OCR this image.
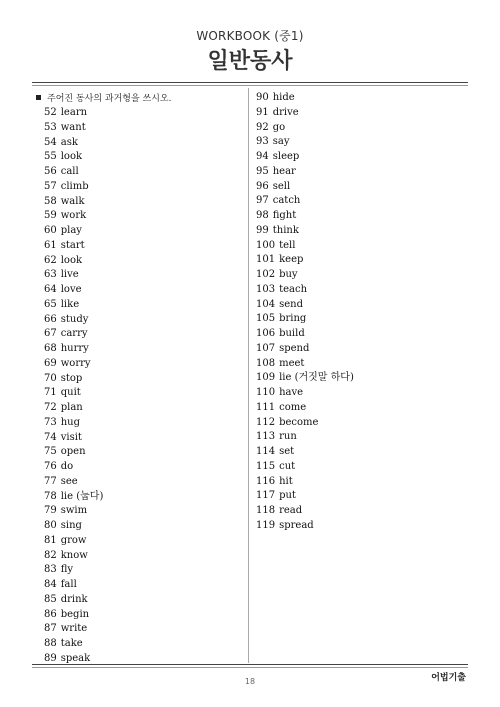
WORKBOOK (중1)
일반동사
주어진 동사의 과거형을 쓰시오.
52 learn
53 want
54 ask
55 look
56 call
57 climb
58 walk
59 work
60 play
61 start
62 look
63 live
64 love
65 like
66 study
67 carry
68 hurry
69 worry
70 stop
71 quit
72 plan
73 hug
74 visit
75 open
76 do
77 see
78 lie (눕다)
79 swim
80 sing
81 grow
82 know
83 fly
84 fall
85 drink
86 begin
87 write
88 take
89 speak
90 hide
91 drive
92 go
93 say
94 sleep
95 hear
96 sell
97 catch
98 fight
99 think
100 tell
101 keep
102 buy
103 teach
104 send
105 bring
106 build
107 spend
108 meet
109 lie (거짓말 하다)
110 have
111 come
112 become
113 run
114 set
115 cut
116 hit
117 put
118 read
119 spread
18	어법기출
